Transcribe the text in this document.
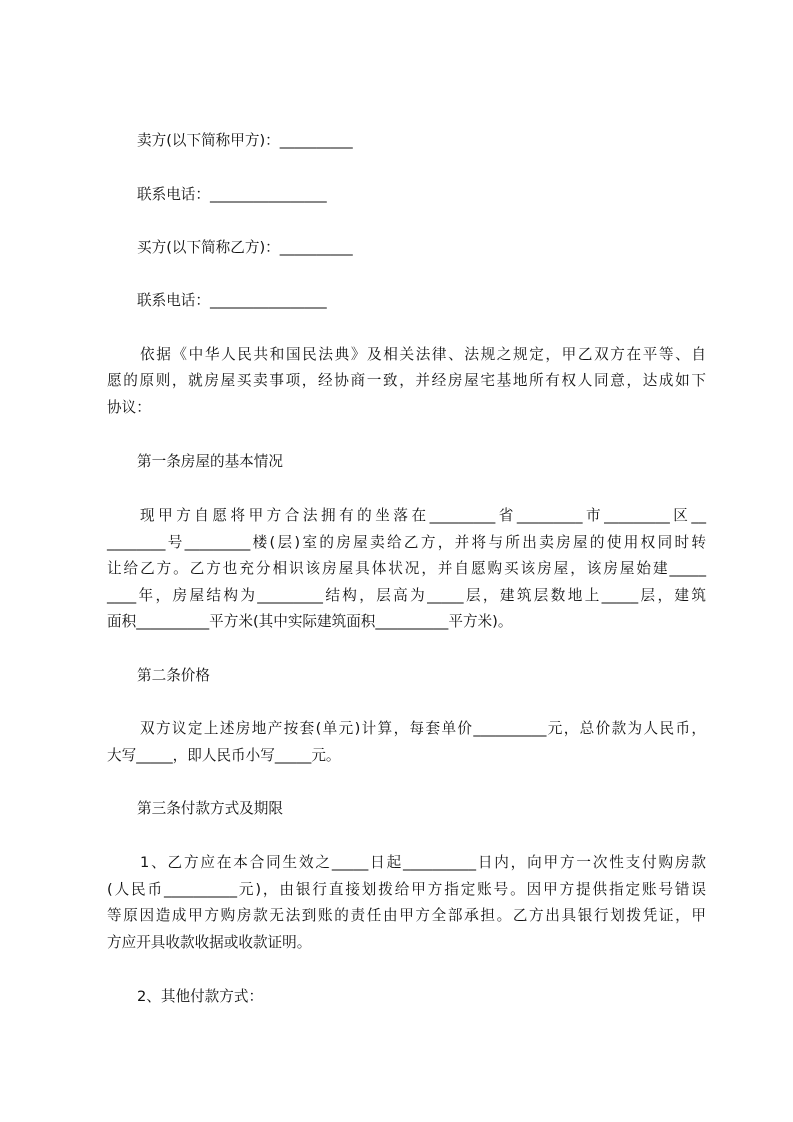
卖方(以下简称甲方)：__________
联系电话：________________
买方(以下简称乙方)：__________
联系电话：________________
依据《中华人民共和国民法典》及相关法律、法规之规定，甲乙双方在平等、自
愿的原则，就房屋买卖事项，经协商一致，并经房屋宅基地所有权人同意，达成如下
协议：
第一条房屋的基本情况
现甲方自愿将甲方合法拥有的坐落在_________省_________市_________区__
________号_________楼(层)室的房屋卖给乙方，并将与所出卖房屋的使用权同时转
让给乙方。乙方也充分相识该房屋具体状况，并自愿购买该房屋，该房屋始建_____
____年，房屋结构为_________结构，层高为_____层，建筑层数地上_____层，建筑
面积__________平方米(其中实际建筑面积__________平方米)。
第二条价格
双方议定上述房地产按套(单元)计算，每套单价__________元，总价款为人民币，
大写_____，即人民币小写_____元。
第三条付款方式及期限
1、乙方应在本合同生效之_____日起__________日内，向甲方一次性支付购房款
(人民币__________元)，由银行直接划拨给甲方指定账号。因甲方提供指定账号错误
等原因造成甲方购房款无法到账的责任由甲方全部承担。乙方出具银行划拨凭证，甲
方应开具收款收据或收款证明。
2、其他付款方式：
